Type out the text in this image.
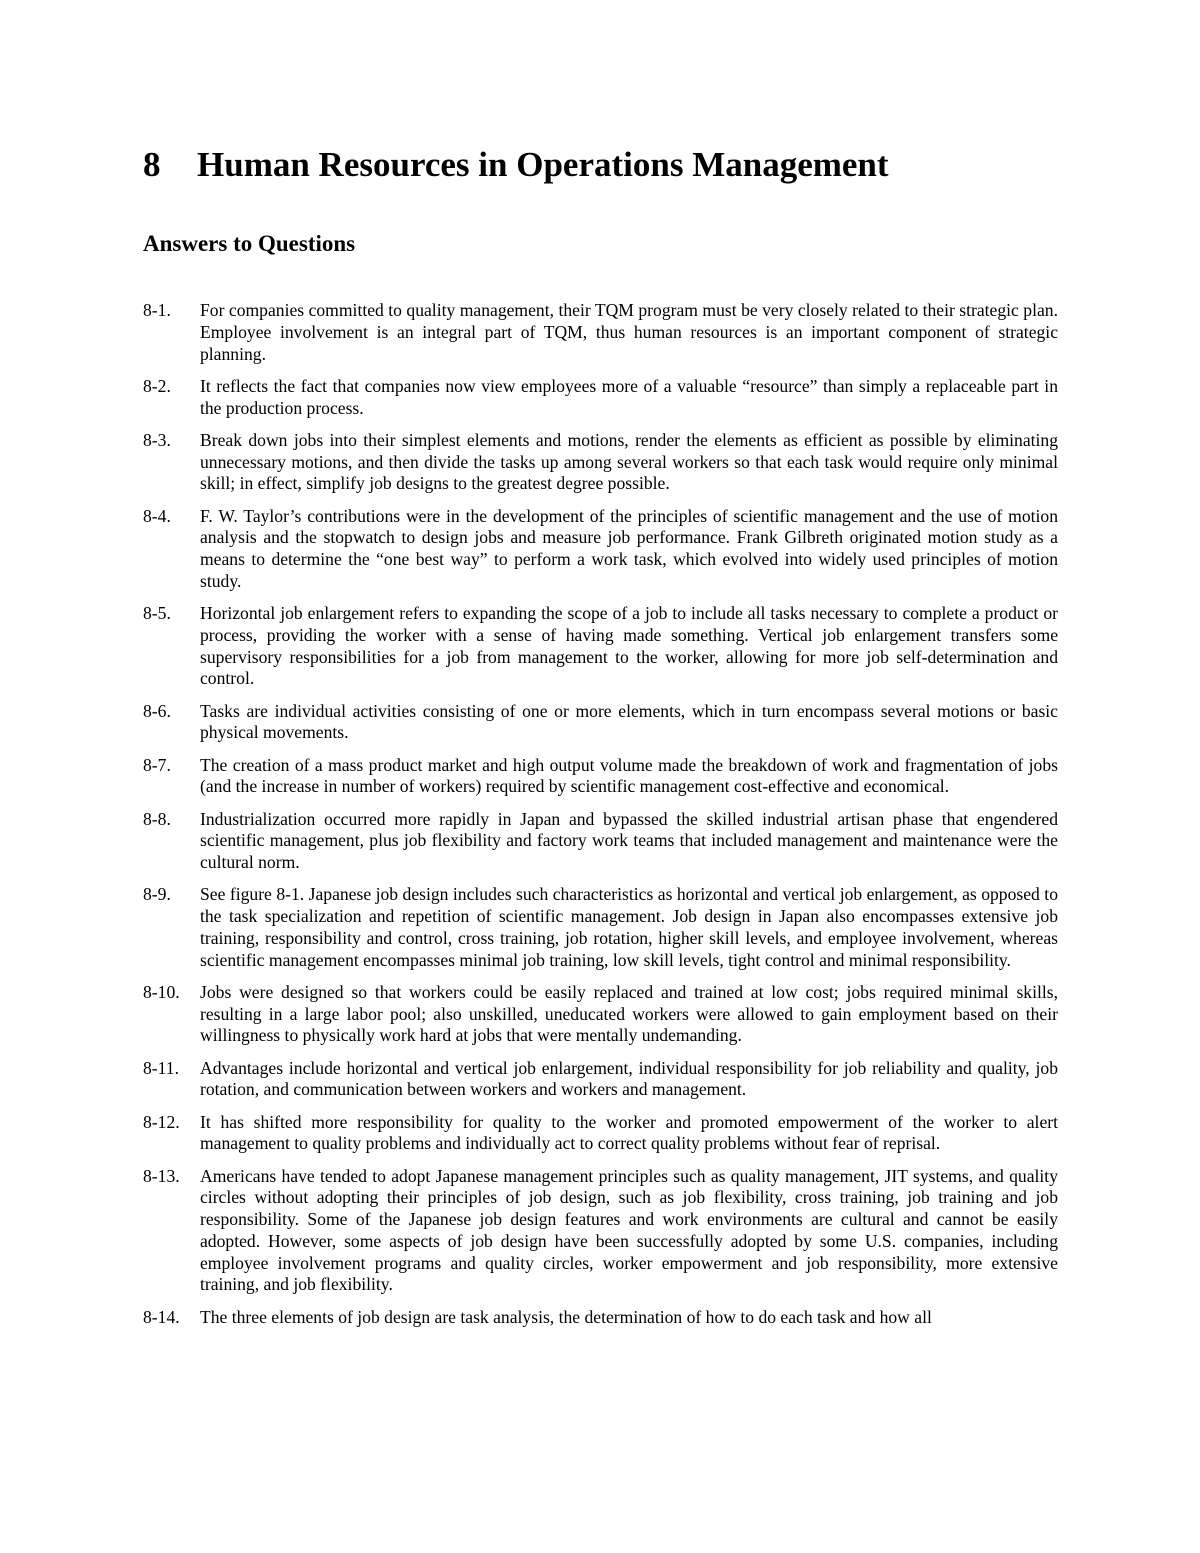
8 Human Resources in Operations Management
Answers to Questions
8-1.	For companies committed to quality management, their TQM program must be very closely related to their strategic plan. Employee involvement is an integral part of TQM, thus human resources is an important component of strategic planning.
8-2.	It reflects the fact that companies now view employees more of a valuable “resource” than simply a replaceable part in the production process.
8-3.	Break down jobs into their simplest elements and motions, render the elements as efficient as possible by eliminating unnecessary motions, and then divide the tasks up among several workers so that each task would require only minimal skill; in effect, simplify job designs to the greatest degree possible.
8-4.	F. W. Taylor’s contributions were in the development of the principles of scientific management and the use of motion analysis and the stopwatch to design jobs and measure job performance. Frank Gilbreth originated motion study as a means to determine the “one best way” to perform a work task, which evolved into widely used principles of motion study.
8-5.	Horizontal job enlargement refers to expanding the scope of a job to include all tasks necessary to complete a product or process, providing the worker with a sense of having made something. Vertical job enlargement transfers some supervisory responsibilities for a job from management to the worker, allowing for more job self-determination and control.
8-6.	Tasks are individual activities consisting of one or more elements, which in turn encompass several motions or basic physical movements.
8-7.	The creation of a mass product market and high output volume made the breakdown of work and fragmentation of jobs (and the increase in number of workers) required by scientific management cost-effective and economical.
8-8.	Industrialization occurred more rapidly in Japan and bypassed the skilled industrial artisan phase that engendered scientific management, plus job flexibility and factory work teams that included management and maintenance were the cultural norm.
8-9.	See figure 8-1. Japanese job design includes such characteristics as horizontal and vertical job enlargement, as opposed to the task specialization and repetition of scientific management. Job design in Japan also encompasses extensive job training, responsibility and control, cross training, job rotation, higher skill levels, and employee involvement, whereas scientific management encompasses minimal job training, low skill levels, tight control and minimal responsibility.
8-10.	Jobs were designed so that workers could be easily replaced and trained at low cost; jobs required minimal skills, resulting in a large labor pool; also unskilled, uneducated workers were allowed to gain employment based on their willingness to physically work hard at jobs that were mentally undemanding.
8-11.	Advantages include horizontal and vertical job enlargement, individual responsibility for job reliability and quality, job rotation, and communication between workers and workers and management.
8-12.	It has shifted more responsibility for quality to the worker and promoted empowerment of the worker to alert management to quality problems and individually act to correct quality problems without fear of reprisal.
8-13.	Americans have tended to adopt Japanese management principles such as quality management, JIT systems, and quality circles without adopting their principles of job design, such as job flexibility, cross training, job training and job responsibility. Some of the Japanese job design features and work environments are cultural and cannot be easily adopted. However, some aspects of job design have been successfully adopted by some U.S. companies, including employee involvement programs and quality circles, worker empowerment and job responsibility, more extensive training, and job flexibility.
8-14.	The three elements of job design are task analysis, the determination of how to do each task and how all
